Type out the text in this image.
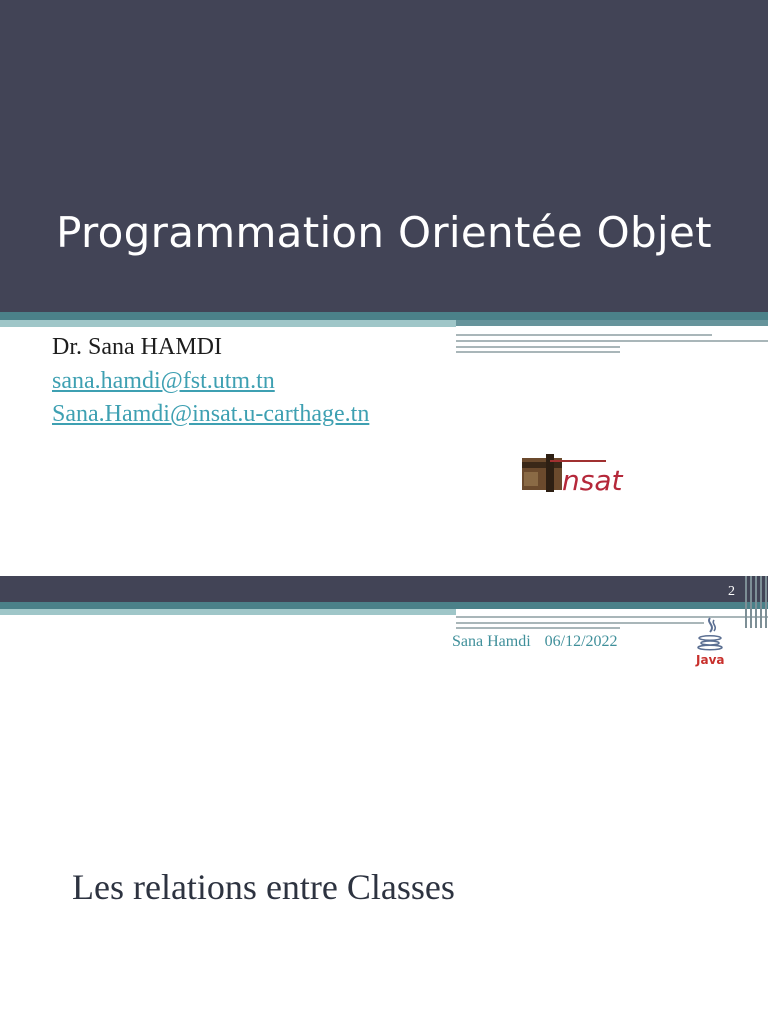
Programmation Orientée Objet
Dr. Sana HAMDI
sana.hamdi@fst.utm.tn
Sana.Hamdi@insat.u-carthage.tn
nsat
2
Sana Hamdi 06/12/2022
Java
Les relations entre Classes
